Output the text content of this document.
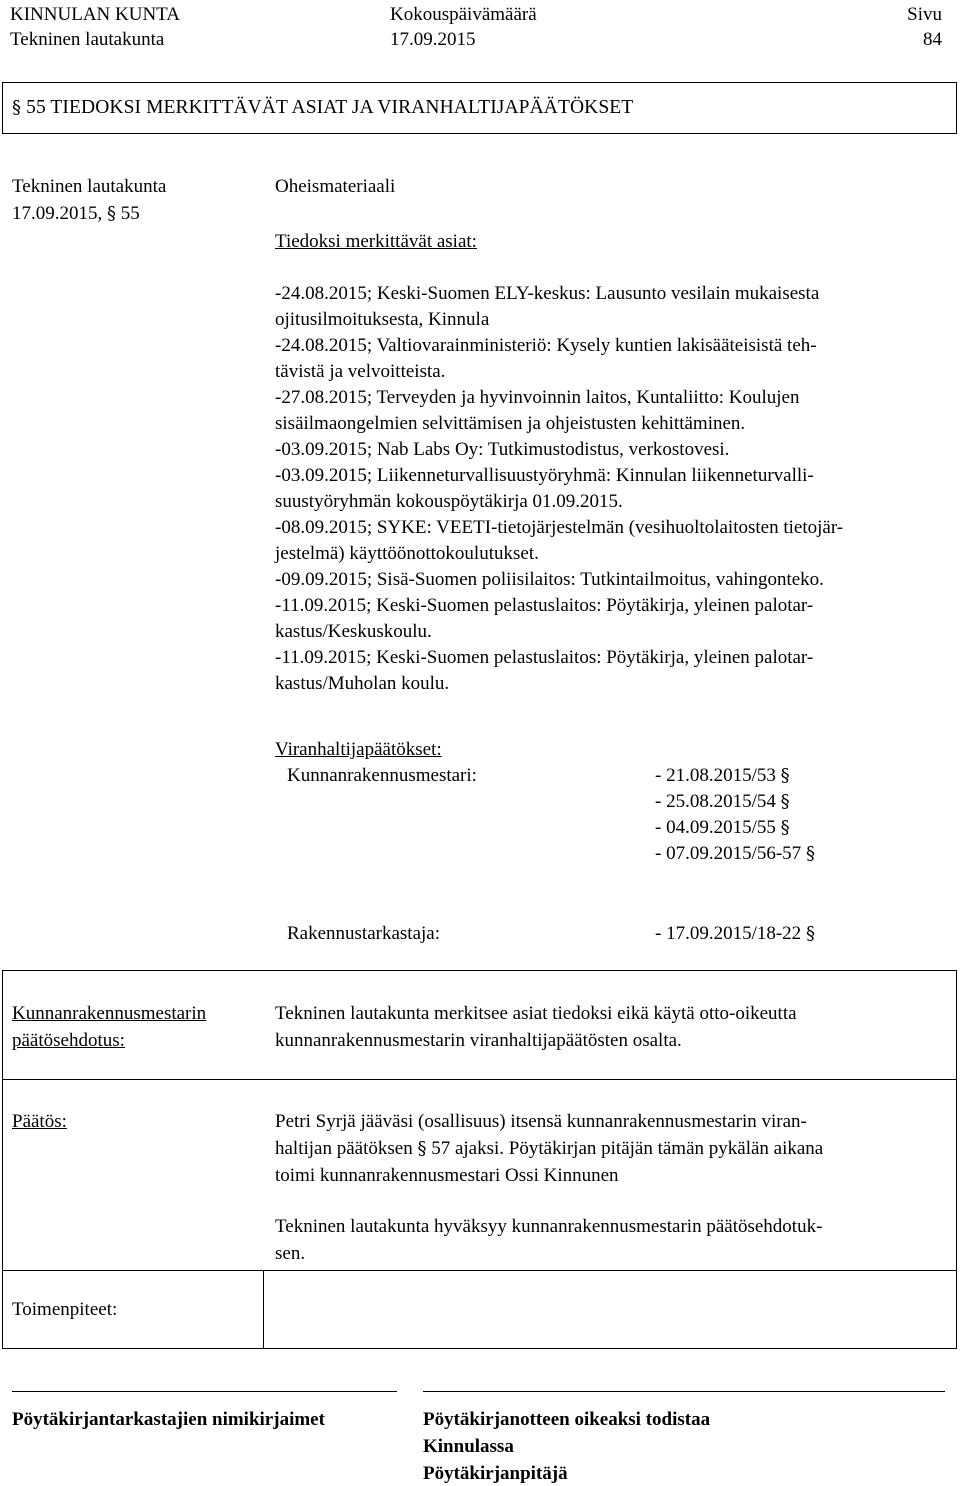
KINNULAN KUNTA
Tekninen lautakunta
Kokouspäivämäärä
17.09.2015
Sivu
84
§ 55 TIEDOKSI MERKITTÄVÄT ASIAT JA VIRANHALTIJAPÄÄTÖKSET
Tekninen lautakunta
17.09.2015, § 55
Oheismateriaali
Tiedoksi merkittävät asiat:
-24.08.2015; Keski-Suomen ELY-keskus: Lausunto vesilain mukaisesta
ojitusilmoituksesta, Kinnula
-24.08.2015; Valtiovarainministeriö: Kysely kuntien lakisääteisistä teh-
tävistä ja velvoitteista.
-27.08.2015; Terveyden ja hyvinvoinnin laitos, Kuntaliitto: Koulujen
sisäilmaongelmien selvittämisen ja ohjeistusten kehittäminen.
-03.09.2015; Nab Labs Oy: Tutkimustodistus, verkostovesi.
-03.09.2015; Liikenneturvallisuustyöryhmä: Kinnulan liikenneturvalli-
suustyöryhmän kokouspöytäkirja 01.09.2015.
-08.09.2015; SYKE: VEETI-tietojärjestelmän (vesihuoltolaitosten tietojär-
jestelmä) käyttöönottokoulutukset.
-09.09.2015; Sisä-Suomen poliisilaitos: Tutkintailmoitus, vahingonteko.
-11.09.2015; Keski-Suomen pelastuslaitos: Pöytäkirja, yleinen palotar-
kastus/Keskuskoulu.
-11.09.2015; Keski-Suomen pelastuslaitos: Pöytäkirja, yleinen palotar-
kastus/Muholan koulu.
Viranhaltijapäätökset:
Kunnanrakennusmestari:	- 21.08.2015/53 §
- 25.08.2015/54 §
- 04.09.2015/55 §
- 07.09.2015/56-57 §
Rakennustarkastaja:	- 17.09.2015/18-22 §
Kunnanrakennusmestarin
päätösehdotus:
Tekninen lautakunta merkitsee asiat tiedoksi eikä käytä otto-oikeutta
kunnanrakennusmestarin viranhaltijapäätösten osalta.
Päätös:	Petri Syrjä jääväsi (osallisuus) itsensä kunnanrakennusmestarin viran-
haltijan päätöksen § 57 ajaksi. Pöytäkirjan pitäjän tämän pykälän aikana
toimi kunnanrakennusmestari Ossi Kinnunen
Tekninen lautakunta hyväksyy kunnanrakennusmestarin päätösehdotuk-
sen.
Toimenpiteet:
Pöytäkirjantarkastajien nimikirjaimet	Pöytäkirjanotteen oikeaksi todistaa
Kinnulassa
Pöytäkirjanpitäjä
